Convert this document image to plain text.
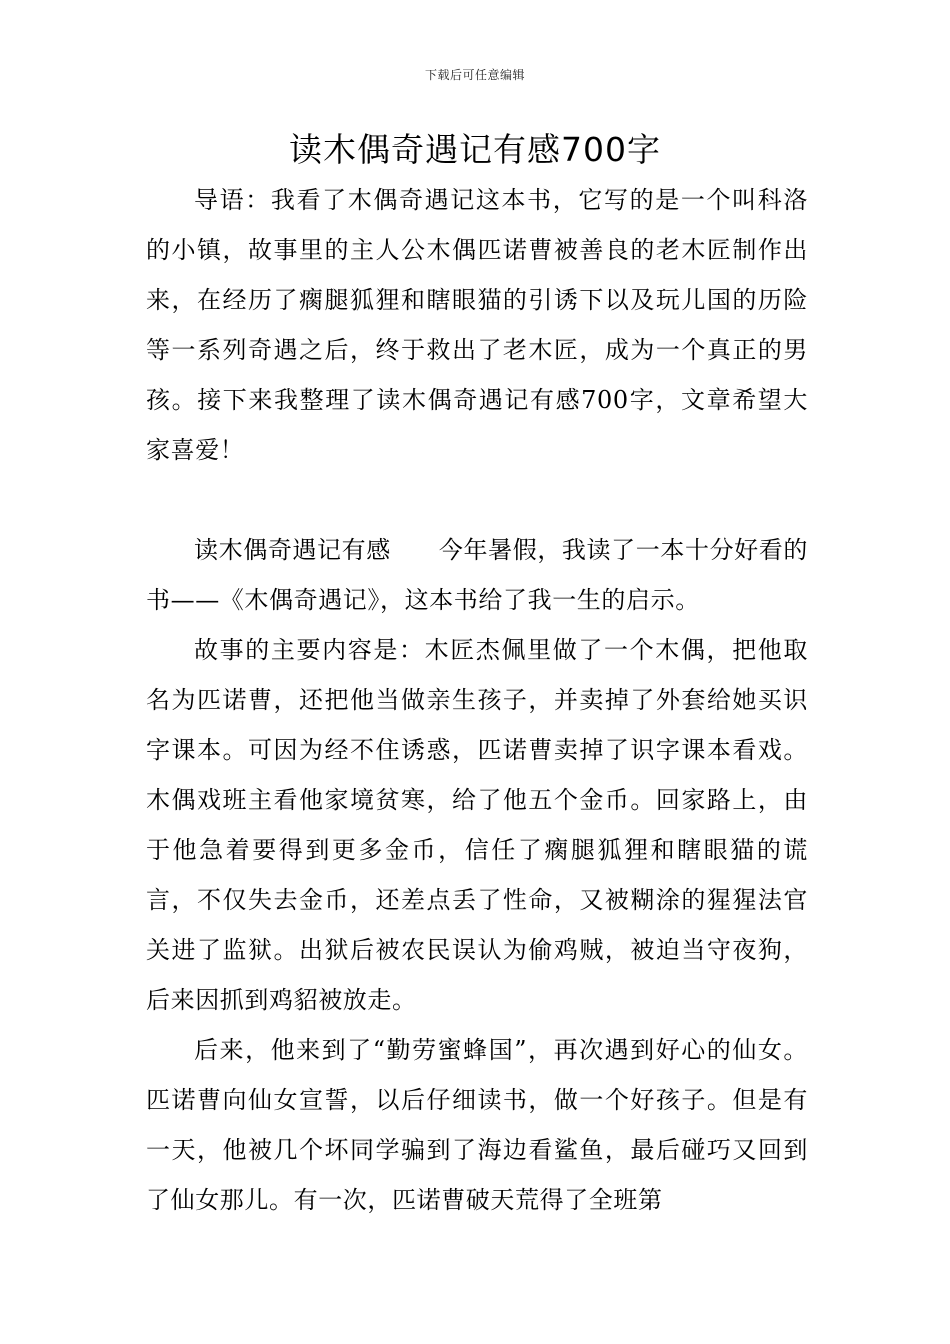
下载后可任意编辑
读木偶奇遇记有感700字

导语：我看了木偶奇遇记这本书，它写的是一个叫科洛的小镇，故事里的主人公木偶匹诺曹被善良的老木匠制作出来，在经历了瘸腿狐狸和瞎眼猫的引诱下以及玩儿国的历险等一系列奇遇之后，终于救出了老木匠，成为一个真正的男孩。接下来我整理了读木偶奇遇记有感700字，文章希望大家喜爱！

读木偶奇遇记有感 今年暑假，我读了一本十分好看的书——《木偶奇遇记》，这本书给了我一生的启示。

故事的主要内容是：木匠杰佩里做了一个木偶，把他取名为匹诺曹，还把他当做亲生孩子，并卖掉了外套给她买识字课本。可因为经不住诱惑，匹诺曹卖掉了识字课本看戏。木偶戏班主看他家境贫寒，给了他五个金币。回家路上，由于他急着要得到更多金币，信任了瘸腿狐狸和瞎眼猫的谎言，不仅失去金币，还差点丢了性命，又被糊涂的猩猩法官关进了监狱。出狱后被农民误认为偷鸡贼，被迫当守夜狗，后来因抓到鸡貂被放走。

后来，他来到了“勤劳蜜蜂国”，再次遇到好心的仙女。匹诺曹向仙女宣誓，以后仔细读书，做一个好孩子。但是有一天，他被几个坏同学骗到了海边看鲨鱼，最后碰巧又回到了仙女那儿。有一次，匹诺曹破天荒得了全班第
